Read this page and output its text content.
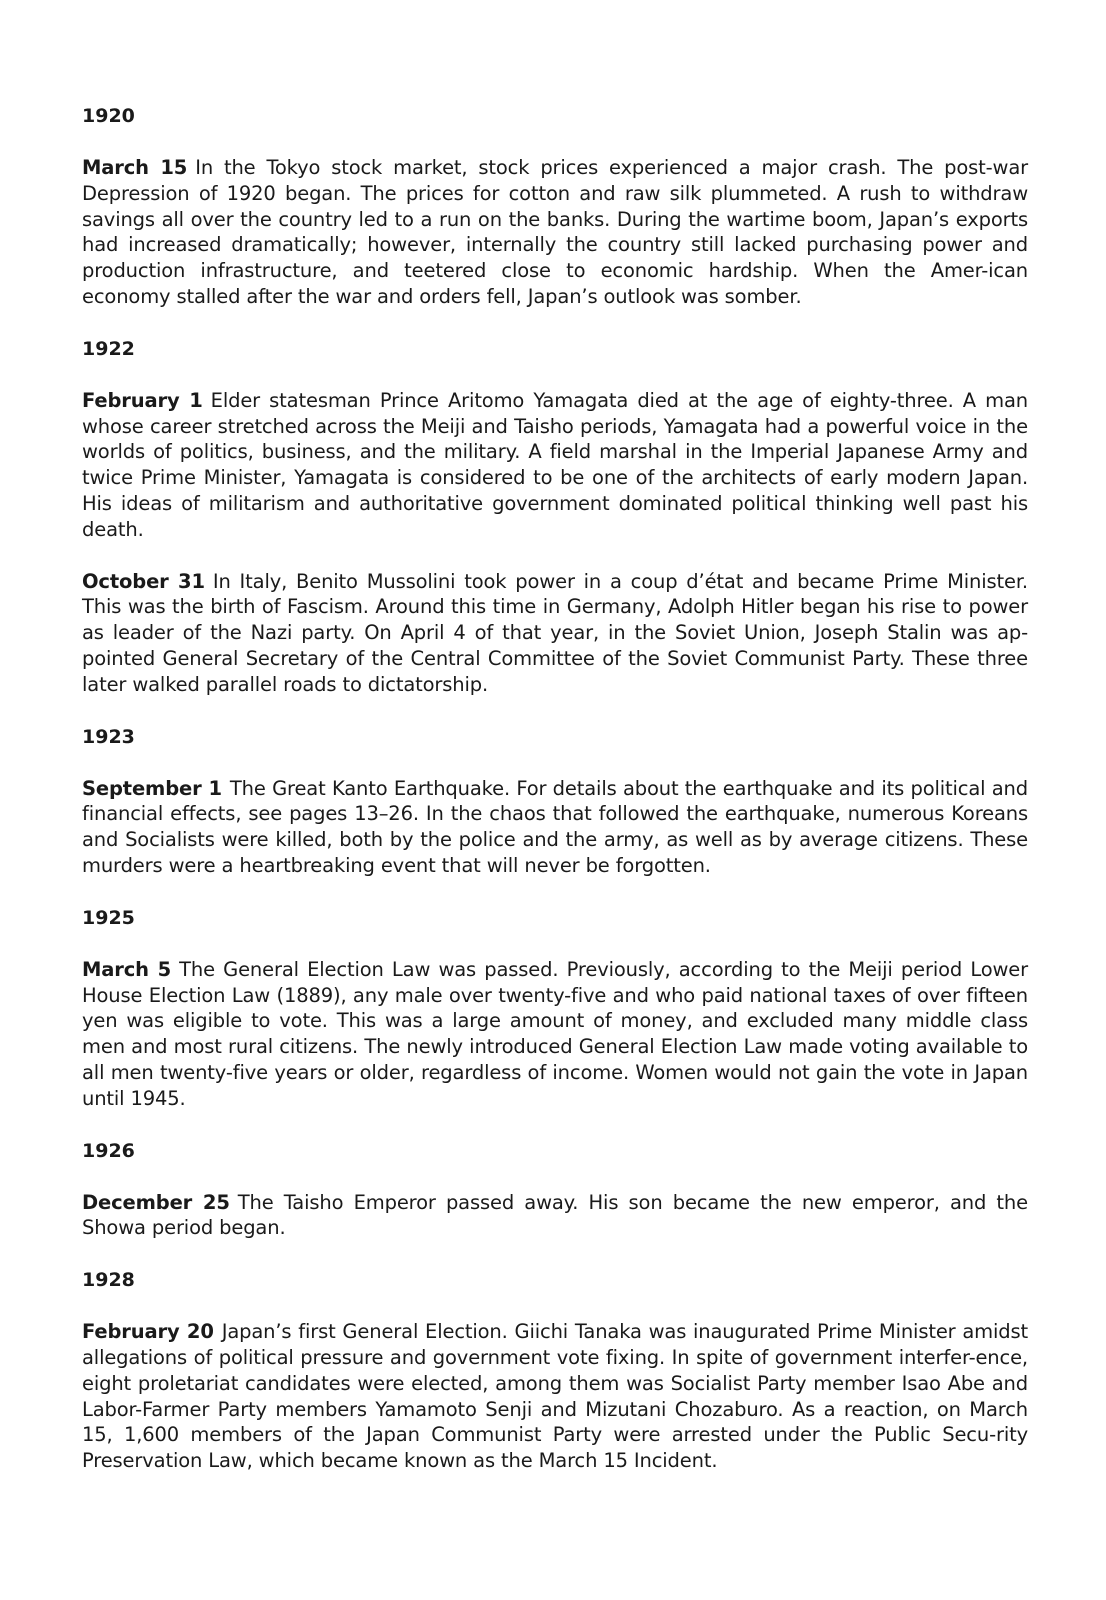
1920

March 15 In the Tokyo stock market, stock prices experienced a major crash. The post-war Depression of 1920 began. The prices for cotton and raw silk plummeted. A rush to withdraw savings all over the country led to a run on the banks. During the wartime boom, Japan’s exports had increased dramatically; however, internally the country still lacked purchasing power and production infrastructure, and teetered close to economic hardship. When the Amer-ican economy stalled after the war and orders fell, Japan’s outlook was somber.

1922

February 1 Elder statesman Prince Aritomo Yamagata died at the age of eighty-three. A man whose career stretched across the Meiji and Taisho periods, Yamagata had a powerful voice in the worlds of politics, business, and the military. A field marshal in the Imperial Japanese Army and twice Prime Minister, Yamagata is considered to be one of the architects of early modern Japan. His ideas of militarism and authoritative government dominated political thinking well past his death.

October 31 In Italy, Benito Mussolini took power in a coup d’état and became Prime Minister. This was the birth of Fascism. Around this time in Germany, Adolph Hitler began his rise to power as leader of the Nazi party. On April 4 of that year, in the Soviet Union, Joseph Stalin was ap-pointed General Secretary of the Central Committee of the Soviet Communist Party. These three later walked parallel roads to dictatorship.

1923

September 1 The Great Kanto Earthquake. For details about the earthquake and its political and financial effects, see pages 13–26. In the chaos that followed the earthquake, numerous Koreans and Socialists were killed, both by the police and the army, as well as by average citizens. These murders were a heartbreaking event that will never be forgotten.

1925

March 5 The General Election Law was passed. Previously, according to the Meiji period Lower House Election Law (1889), any male over twenty-five and who paid national taxes of over fifteen yen was eligible to vote. This was a large amount of money, and excluded many middle class men and most rural citizens. The newly introduced General Election Law made voting available to all men twenty-five years or older, regardless of income. Women would not gain the vote in Japan until 1945.

1926

December 25 The Taisho Emperor passed away. His son became the new emperor, and the Showa period began.

1928

February 20 Japan’s first General Election. Giichi Tanaka was inaugurated Prime Minister amidst allegations of political pressure and government vote fixing. In spite of government interfer-ence, eight proletariat candidates were elected, among them was Socialist Party member Isao Abe and Labor-Farmer Party members Yamamoto Senji and Mizutani Chozaburo. As a reaction, on March 15, 1,600 members of the Japan Communist Party were arrested under the Public Secu-rity Preservation Law, which became known as the March 15 Incident.
